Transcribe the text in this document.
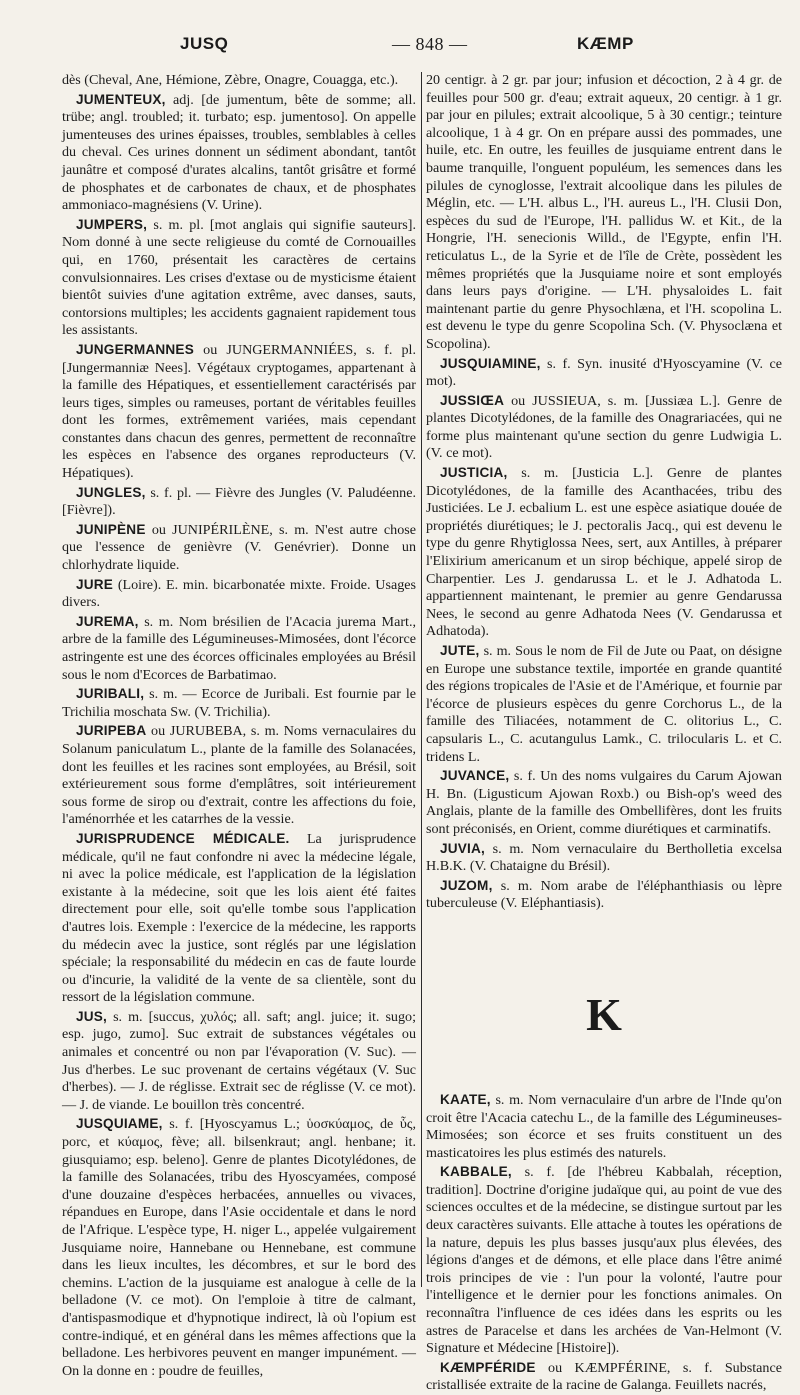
JUSQ	— 848 —	KÆMP

dès (Cheval, Ane, Hémione, Zèbre, Onagre, Couagga, etc.).

JUMENTEUX, adj. [de jumentum, bête de somme; all. trübe; angl. troubled; it. turbato; esp. jumentoso]. On appelle jumenteuses des urines épaisses, troubles, semblables à celles du cheval. Ces urines donnent un sédiment abondant, tantôt jaunâtre et composé d'urates alcalins, tantôt grisâtre et formé de phosphates et de carbonates de chaux, et de phosphates ammoniaco-magnésiens (V. Urine).

JUMPERS, s. m. pl. [mot anglais qui signifie sauteurs]. Nom donné à une secte religieuse du comté de Cornouailles qui, en 1760, présentait les caractères de certains convulsionnaires. Les crises d'extase ou de mysticisme étaient bientôt suivies d'une agitation extrême, avec danses, sauts, contorsions multiples; les accidents gagnaient rapidement tous les assistants.

JUNGERMANNES ou JUNGERMANNIÉES, s. f. pl. [Jungermanniæ Nees]. Végétaux cryptogames, appartenant à la famille des Hépatiques, et essentiellement caractérisés par leurs tiges, simples ou rameuses, portant de véritables feuilles dont les formes, extrêmement variées, mais cependant constantes dans chacun des genres, permettent de reconnaître les espèces en l'absence des organes reproducteurs (V. Hépatiques).

JUNGLES, s. f. pl. — Fièvre des Jungles (V. Paludéenne. [Fièvre]).

JUNIPÈNE ou JUNIPÉRILÈNE, s. m. N'est autre chose que l'essence de genièvre (V. Genévrier). Donne un chlorhydrate liquide.

JURE (Loire). E. min. bicarbonatée mixte. Froide. Usages divers.

JUREMA, s. m. Nom brésilien de l'Acacia jurema Mart., arbre de la famille des Légumineuses-Mimosées, dont l'écorce astringente est une des écorces officinales employées au Brésil sous le nom d'Ecorces de Barbatimao.

JURIBALI, s. m. — Ecorce de Juribali. Est fournie par le Trichilia moschata Sw. (V. Trichilia).

JURIPEBA ou JURUBEBA, s. m. Noms vernaculaires du Solanum paniculatum L., plante de la famille des Solanacées, dont les feuilles et les racines sont employées, au Brésil, soit extérieurement sous forme d'emplâtres, soit intérieurement sous forme de sirop ou d'extrait, contre les affections du foie, l'aménorrhée et les catarrhes de la vessie.

JURISPRUDENCE MÉDICALE. La jurisprudence médicale, qu'il ne faut confondre ni avec la médecine légale, ni avec la police médicale, est l'application de la législation existante à la médecine, soit que les lois aient été faites directement pour elle, soit qu'elle tombe sous l'application d'autres lois. Exemple : l'exercice de la médecine, les rapports du médecin avec la justice, sont réglés par une législation spéciale; la responsabilité du médecin en cas de faute lourde ou d'incurie, la validité de la vente de sa clientèle, sont du ressort de la législation commune.

JUS, s. m. [succus, χυλός; all. saft; angl. juice; it. sugo; esp. jugo, zumo]. Suc extrait de substances végétales ou animales et concentré ou non par l'évaporation (V. Suc). — Jus d'herbes. Le suc provenant de certains végétaux (V. Suc d'herbes). — J. de réglisse. Extrait sec de réglisse (V. ce mot). — J. de viande. Le bouillon très concentré.

JUSQUIAME, s. f. [Hyoscyamus L.; ὑοσκύαμος, de ὗς, porc, et κύαμος, fève; all. bilsenkraut; angl. henbane; it. giusquiamo; esp. beleno]. Genre de plantes Dicotylédones, de la famille des Solanacées, tribu des Hyoscyamées, composé d'une douzaine d'espèces herbacées, annuelles ou vivaces, répandues en Europe, dans l'Asie occidentale et dans le nord de l'Afrique. L'espèce type, H. niger L., appelée vulgairement Jusquiame noire, Hannebane ou Hennebane, est commune dans les lieux incultes, les décombres, et sur le bord des chemins. L'action de la jusquiame est analogue à celle de la belladone (V. ce mot). On l'emploie à titre de calmant, d'antispasmodique et d'hypnotique indirect, là où l'opium est contre-indiqué, et en général dans les mêmes affections que la belladone. Les herbivores peuvent en manger impunément. — On la donne en : poudre de feuilles,

20 centigr. à 2 gr. par jour; infusion et décoction, 2 à 4 gr. de feuilles pour 500 gr. d'eau; extrait aqueux, 20 centigr. à 1 gr. par jour en pilules; extrait alcoolique, 5 à 30 centigr.; teinture alcoolique, 1 à 4 gr. On en prépare aussi des pommades, une huile, etc. En outre, les feuilles de jusquiame entrent dans le baume tranquille, l'onguent populéum, les semences dans les pilules de cynoglosse, l'extrait alcoolique dans les pilules de Méglin, etc. — L'H. albus L., l'H. aureus L., l'H. Clusii Don, espèces du sud de l'Europe, l'H. pallidus W. et Kit., de la Hongrie, l'H. senecionis Willd., de l'Egypte, enfin l'H. reticulatus L., de la Syrie et de l'île de Crète, possèdent les mêmes propriétés que la Jusquiame noire et sont employés dans leurs pays d'origine. — L'H. physaloides L. fait maintenant partie du genre Physochlæna, et l'H. scopolina L. est devenu le type du genre Scopolina Sch. (V. Physoclæna et Scopolina).

JUSQUIAMINE, s. f. Syn. inusité d'Hyoscyamine (V. ce mot).

JUSSIŒA ou JUSSIEUA, s. m. [Jussiæa L.]. Genre de plantes Dicotylédones, de la famille des Onagrariacées, qui ne forme plus maintenant qu'une section du genre Ludwigia L. (V. ce mot).

JUSTICIA, s. m. [Justicia L.]. Genre de plantes Dicotylédones, de la famille des Acanthacées, tribu des Justiciées. Le J. ecbalium L. est une espèce asiatique douée de propriétés diurétiques; le J. pectoralis Jacq., qui est devenu le type du genre Rhytiglossa Nees, sert, aux Antilles, à préparer l'Elixirium americanum et un sirop béchique, appelé sirop de Charpentier. Les J. gendarussa L. et le J. Adhatoda L. appartiennent maintenant, le premier au genre Gendarussa Nees, le second au genre Adhatoda Nees (V. Gendarussa et Adhatoda).

JUTE, s. m. Sous le nom de Fil de Jute ou Paat, on désigne en Europe une substance textile, importée en grande quantité des régions tropicales de l'Asie et de l'Amérique, et fournie par l'écorce de plusieurs espèces du genre Corchorus L., de la famille des Tiliacées, notamment de C. olitorius L., C. capsularis L., C. acutangulus Lamk., C. trilocularis L. et C. tridens L.

JUVANCE, s. f. Un des noms vulgaires du Carum Ajowan H. Bn. (Ligusticum Ajowan Roxb.) ou Bish-op's weed des Anglais, plante de la famille des Ombellifères, dont les fruits sont préconisés, en Orient, comme diurétiques et carminatifs.

JUVIA, s. m. Nom vernaculaire du Bertholletia excelsa H.B.K. (V. Chataigne du Brésil).

JUZOM, s. m. Nom arabe de l'éléphanthiasis ou lèpre tuberculeuse (V. Eléphantiasis).

K

KAATE, s. m. Nom vernaculaire d'un arbre de l'Inde qu'on croit être l'Acacia catechu L., de la famille des Légumineuses-Mimosées; son écorce et ses fruits constituent un des masticatoires les plus estimés des naturels.

KABBALE, s. f. [de l'hébreu Kabbalah, réception, tradition]. Doctrine d'origine judaïque qui, au point de vue des sciences occultes et de la médecine, se distingue surtout par les deux caractères suivants. Elle attache à toutes les opérations de la nature, depuis les plus basses jusqu'aux plus élevées, des légions d'anges et de démons, et elle place dans l'être animé trois principes de vie : l'un pour la volonté, l'autre pour l'intelligence et le dernier pour les fonctions animales. On reconnaîtra l'influence de ces idées dans les esprits ou les astres de Paracelse et dans les archées de Van-Helmont (V. Signature et Médecine [Histoire]).

KÆMPFÉRIDE ou KÆMPFÉRINE, s. f. Substance cristallisée extraite de la racine de Galanga. Feuillets nacrés,
